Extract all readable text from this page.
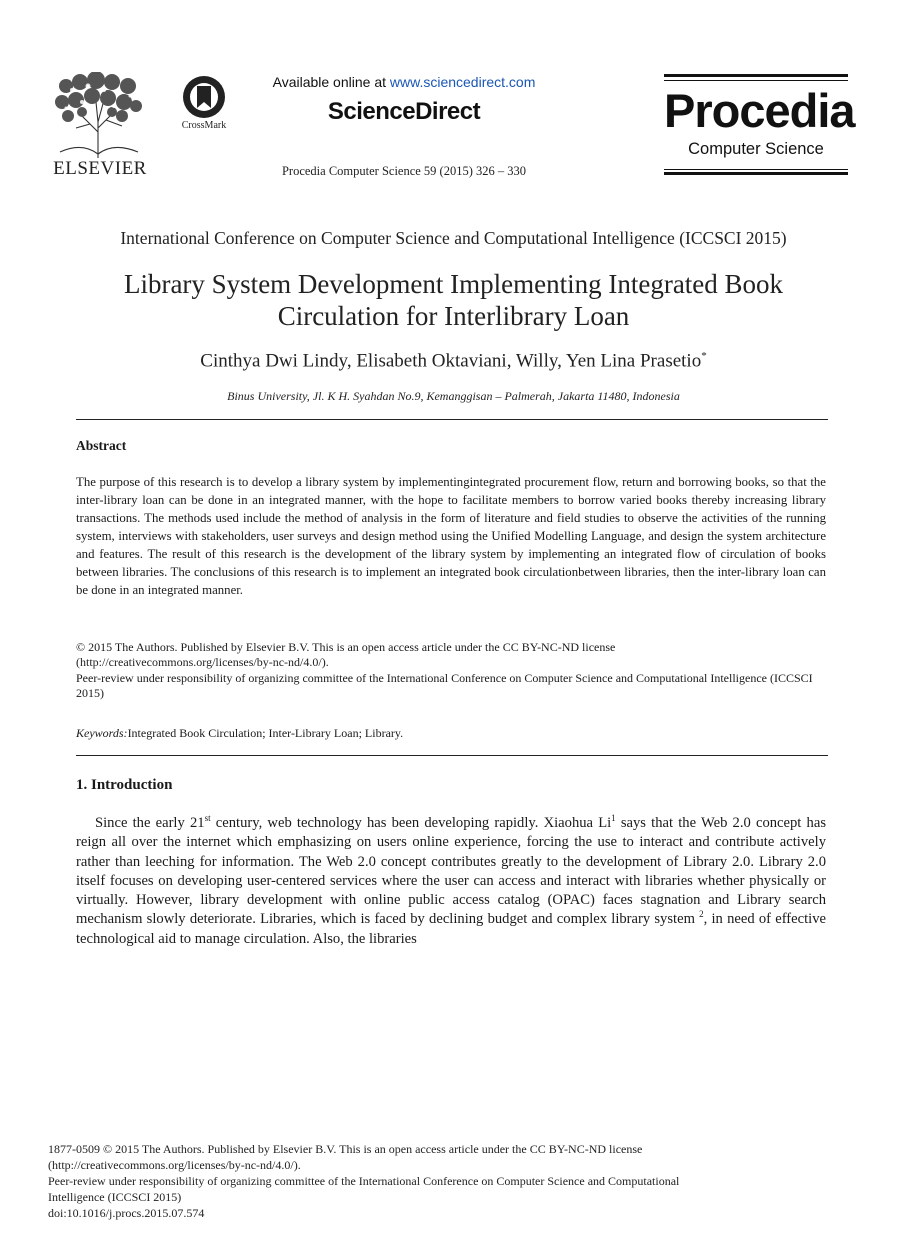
ELSEVIER
CrossMark
Available online at www.sciencedirect.com
ScienceDirect
Procedia Computer Science 59 (2015) 326 – 330
Procedia
Computer Science
International Conference on Computer Science and Computational Intelligence (ICCSCI 2015)
Library System Development Implementing Integrated Book
Circulation for Interlibrary Loan
Cinthya Dwi Lindy, Elisabeth Oktaviani, Willy, Yen Lina Prasetio*
Binus University, Jl. K H. Syahdan No.9, Kemanggisan – Palmerah, Jakarta 11480, Indonesia
Abstract
The purpose of this research is to develop a library system by implementingintegrated procurement flow, return and borrowing books, so that the inter-library loan can be done in an integrated manner, with the hope to facilitate members to borrow varied books thereby increasing library transactions. The methods used include the method of analysis in the form of literature and field studies to observe the activities of the running system, interviews with stakeholders, user surveys and design method using the Unified Modelling Language, and design the system architecture and features. The result of this research is the development of the library system by implementing an integrated flow of circulation of books between libraries. The conclusions of this research is to implement an integrated book circulationbetween libraries, then the inter-library loan can be done in an integrated manner.
© 2015 The Authors. Published by Elsevier B.V. This is an open access article under the CC BY-NC-ND license
(http://creativecommons.org/licenses/by-nc-nd/4.0/).
Peer-review under responsibility of organizing committee of the International Conference on Computer Science and Computational Intelligence (ICCSCI 2015)
Keywords:Integrated Book Circulation; Inter-Library Loan; Library.
1. Introduction
Since the early 21st century, web technology has been developing rapidly. Xiaohua Li$^1$ says that the Web 2.0 concept has reign all over the internet which emphasizing on users online experience, forcing the use to interact and contribute actively rather than leeching for information. The Web 2.0 concept contributes greatly to the development of Library 2.0. Library 2.0 itself focuses on developing user-centered services where the user can access and interact with libraries whether physically or virtually. However, library development with online public access catalog (OPAC) faces stagnation and Library search mechanism slowly deteriorate. Libraries, which is faced by declining budget and complex library system $^2$, in need of effective technological aid to manage circulation. Also, the libraries
1877-0509 © 2015 The Authors. Published by Elsevier B.V. This is an open access article under the CC BY-NC-ND license
(http://creativecommons.org/licenses/by-nc-nd/4.0/).
Peer-review under responsibility of organizing committee of the International Conference on Computer Science and Computational
Intelligence (ICCSCI 2015)
doi:10.1016/j.procs.2015.07.574
